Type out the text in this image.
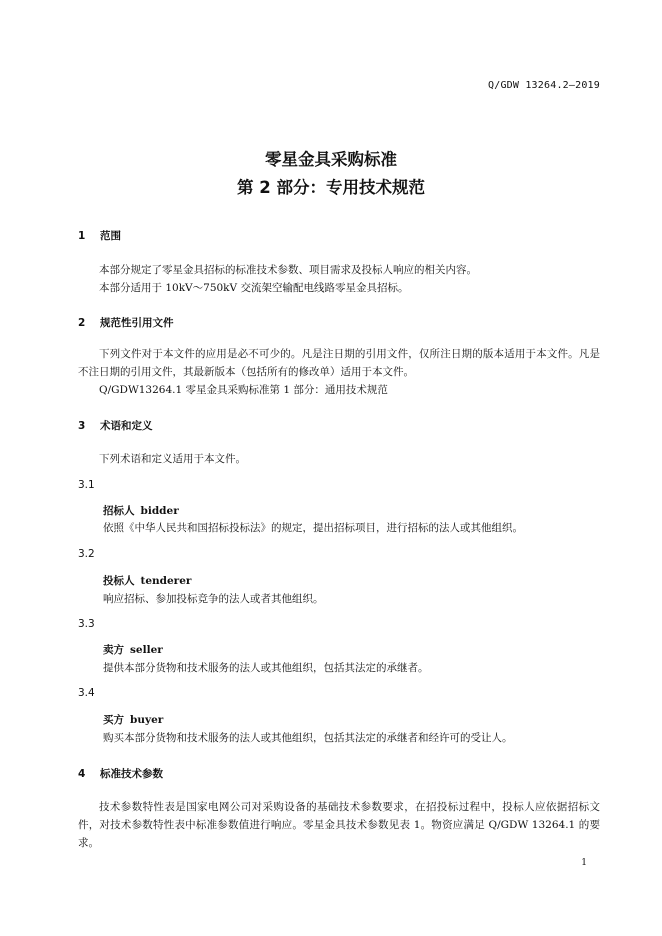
Q/GDW 13264.2—2019
零星金具采购标准
第 2 部分：专用技术规范
1 范围
本部分规定了零星金具招标的标准技术参数、项目需求及投标人响应的相关内容。
本部分适用于 10kV～750kV 交流架空输配电线路零星金具招标。
2 规范性引用文件
下列文件对于本文件的应用是必不可少的。凡是注日期的引用文件，仅所注日期的版本适用于本文件。凡是不注日期的引用文件，其最新版本（包括所有的修改单）适用于本文件。
Q/GDW13264.1 零星金具采购标准第 1 部分：通用技术规范
3 术语和定义
下列术语和定义适用于本文件。
3.1
招标人 bidder
依照《中华人民共和国招标投标法》的规定，提出招标项目，进行招标的法人或其他组织。
3.2
投标人 tenderer
响应招标、参加投标竞争的法人或者其他组织。
3.3
卖方 seller
提供本部分货物和技术服务的法人或其他组织，包括其法定的承继者。
3.4
买方 buyer
购买本部分货物和技术服务的法人或其他组织，包括其法定的承继者和经许可的受让人。
4 标准技术参数
技术参数特性表是国家电网公司对采购设备的基础技术参数要求，在招投标过程中，投标人应依据招标文件，对技术参数特性表中标准参数值进行响应。零星金具技术参数见表 1。物资应满足 Q/GDW 13264.1 的要求。
1
